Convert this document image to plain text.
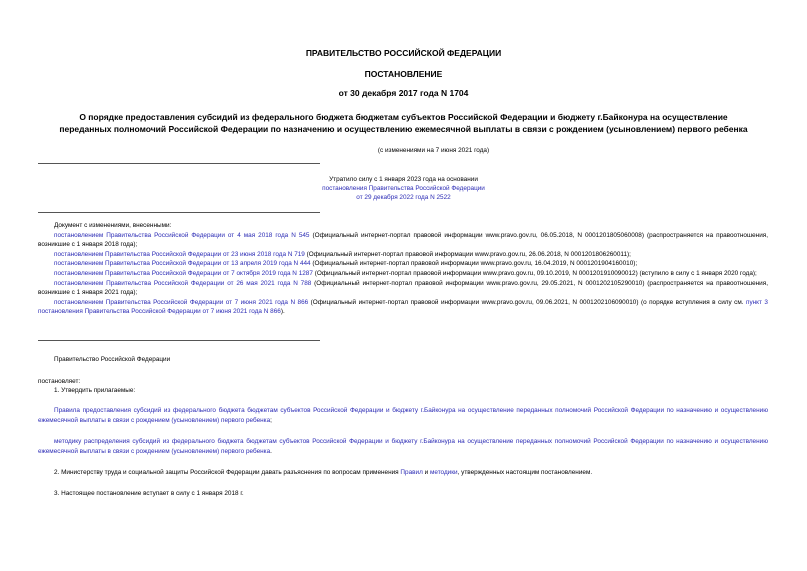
ПРАВИТЕЛЬСТВО РОССИЙСКОЙ ФЕДЕРАЦИИ
ПОСТАНОВЛЕНИЕ
от 30 декабря 2017 года N 1704
О порядке предоставления субсидий из федерального бюджета бюджетам субъектов Российской Федерации и бюджету г.Байконура на осуществление
переданных полномочий Российской Федерации по назначению и осуществлению ежемесячной выплаты в связи с рождением (усыновлением) первого ребенка
(с изменениями на 7 июня 2021 года)
Утратило силу с 1 января 2023 года на основании
постановления Правительства Российской Федерации
от 29 декабря 2022 года N 2522
Документ с изменениями, внесенными:
постановлением Правительства Российской Федерации от 4 мая 2018 года N 545 (Официальный интернет-портал правовой информации www.pravo.gov.ru, 06.05.2018, N 0001201805060008) (распространяется на правоотношения, возникшие с 1 января 2018 года);
постановлением Правительства Российской Федерации от 23 июня 2018 года N 719 (Официальный интернет-портал правовой информации www.pravo.gov.ru, 26.06.2018, N 0001201806260011);
постановлением Правительства Российской Федерации от 13 апреля 2019 года N 444 (Официальный интернет-портал правовой информации www.pravo.gov.ru, 16.04.2019, N 0001201904160010);
постановлением Правительства Российской Федерации от 7 октября 2019 года N 1287 (Официальный интернет-портал правовой информации www.pravo.gov.ru, 09.10.2019, N 0001201910090012) (вступило в силу с 1 января 2020 года);
постановлением Правительства Российской Федерации от 26 мая 2021 года N 788 (Официальный интернет-портал правовой информации www.pravo.gov.ru, 29.05.2021, N 0001202105290010) (распространяется на правоотношения, возникшие с 1 января 2021 года);
постановлением Правительства Российской Федерации от 7 июня 2021 года N 866 (Официальный интернет-портал правовой информации www.pravo.gov.ru, 09.06.2021, N 0001202106090010) (о порядке вступления в силу см. пункт 3 постановления Правительства Российской Федерации от 7 июня 2021 года N 866).
Правительство Российской Федерации
постановляет:
1. Утвердить прилагаемые:
Правила предоставления субсидий из федерального бюджета бюджетам субъектов Российской Федерации и бюджету г.Байконура на осуществление переданных полномочий Российской Федерации по назначению и осуществлению ежемесячной выплаты в связи с рождением (усыновлением) первого ребенка;
методику распределения субсидий из федерального бюджета бюджетам субъектов Российской Федерации и бюджету г.Байконура на осуществление переданных полномочий Российской Федерации по назначению и осуществлению ежемесячной выплаты в связи с рождением (усыновлением) первого ребенка.
2. Министерству труда и социальной защиты Российской Федерации давать разъяснения по вопросам применения Правил и методики, утвержденных настоящим постановлением.
3. Настоящее постановление вступает в силу с 1 января 2018 г.
